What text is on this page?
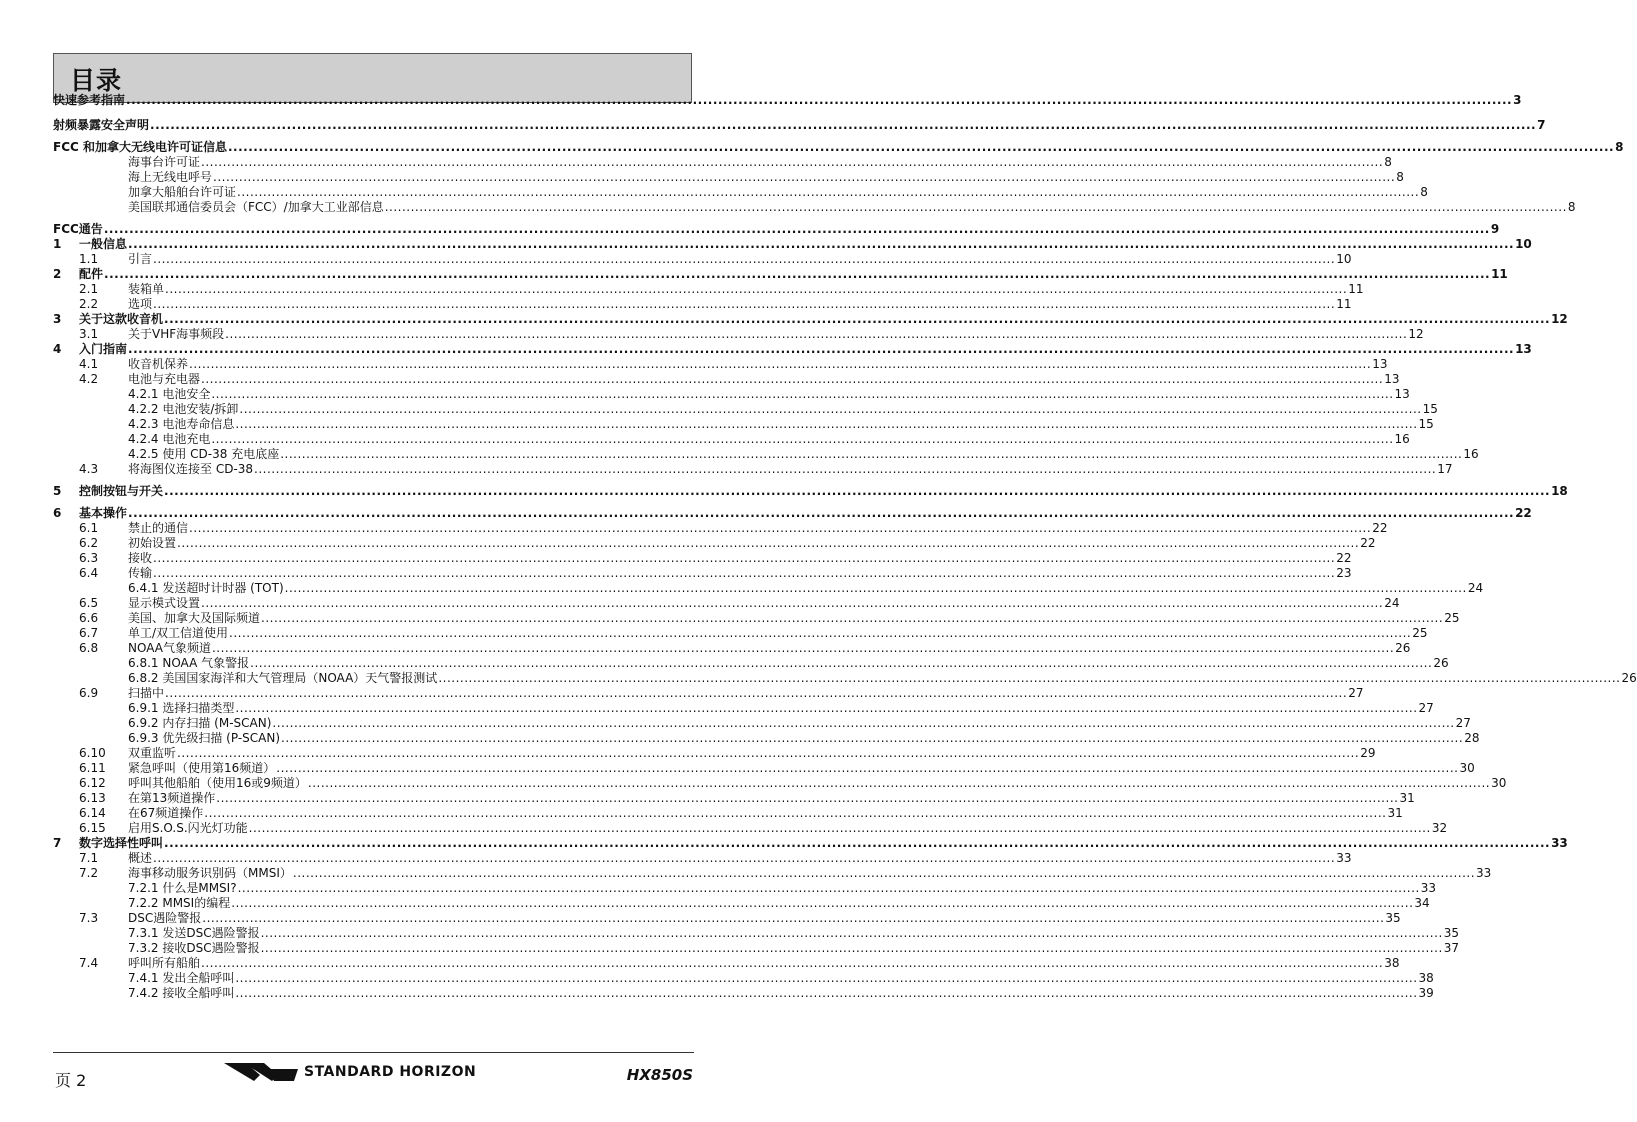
目录
快速参考指南 .....	3
射频暴露安全声明 .....	7
FCC 和加拿大无线电许可证信息 .....	8
海事台许可证 .....	8
海上无线电呼号 .....	8
加拿大船舶台许可证 .....	8
美国联邦通信委员会（FCC）/加拿大工业部信息 .....	8
FCC通告 .....	9
1 一般信息 .....	10
1.1 引言 .....	10
2 配件 .....	11
2.1 装箱单 .....	11
2.2 选项 .....	11
3 关于这款收音机 .....	12
3.1 关于VHF海事频段 .....	12
4 入门指南 .....	13
4.1 收音机保养 .....	13
4.2 电池与充电器 .....	13
4.2.1 电池安全 .....	13
4.2.2 电池安装/拆卸 .....	15
4.2.3 电池寿命信息 .....	15
4.2.4 电池充电 .....	16
4.2.5 使用 CD-38 充电底座 .....	16
4.3 将海图仪连接至 CD-38 .....	17
5 控制按钮与开关 .....	18
6 基本操作 .....	22
6.1 禁止的通信 .....	22
6.2 初始设置 .....	22
6.3 接收 .....	22
6.4 传输 .....	23
6.4.1 发送超时计时器 (TOT) .....	24
6.5 显示模式设置 .....	24
6.6 美国、加拿大及国际频道 .....	25
6.7 单工/双工信道使用 .....	25
6.8 NOAA气象频道 .....	26
6.8.1 NOAA 气象警报 .....	26
6.8.2 美国国家海洋和大气管理局（NOAA）天气警报测试 .....	26
6.9 扫描中 .....	27
6.9.1 选择扫描类型 .....	27
6.9.2 内存扫描 (M-SCAN) .....	27
6.9.3 优先级扫描 (P-SCAN) .....	28
6.10 双重监听 .....	29
6.11 紧急呼叫（使用第16频道） .....	30
6.12 呼叫其他船舶（使用16或9频道） .....	30
6.13 在第13频道操作 .....	31
6.14 在67频道操作 .....	31
6.15 启用S.O.S.闪光灯功能 .....	32
7 数字选择性呼叫 .....	33
7.1 概述 .....	33
7.2 海事移动服务识别码（MMSI） .....	33
7.2.1 什么是MMSI? .....	33
7.2.2 MMSI的编程 .....	34
7.3 DSC遇险警报 .....	35
7.3.1 发送DSC遇险警报 .....	35
7.3.2 接收DSC遇险警报 .....	37
7.4 呼叫所有船舶 .....	38
7.4.1 发出全船呼叫 .....	38
7.4.2 接收全船呼叫 .....	39
页 2	STANDARD HORIZON	HX850S
